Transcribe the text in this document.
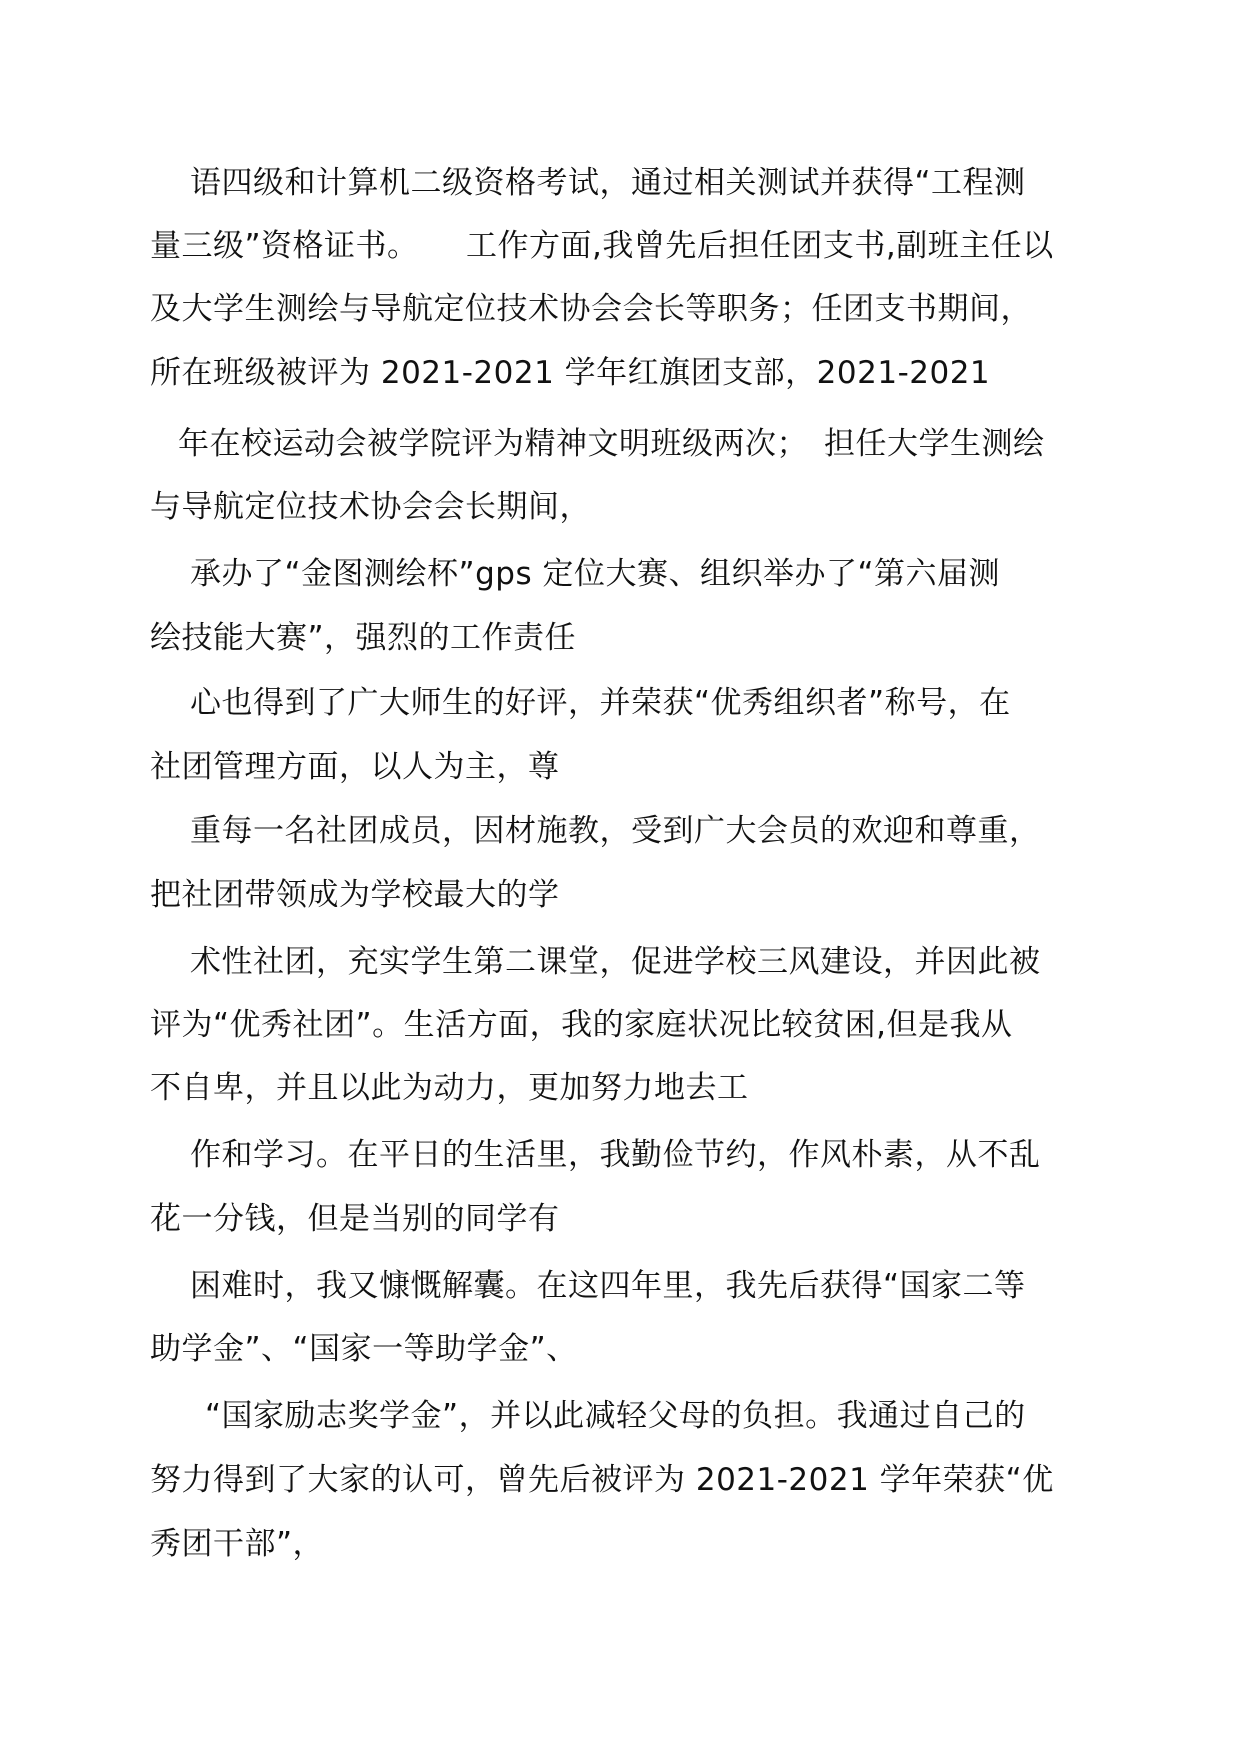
语四级和计算机二级资格考试，通过相关测试并获得“工程测
量三级”资格证书。　　工作方面,我曾先后担任团支书,副班主任以
及大学生测绘与导航定位技术协会会长等职务；任团支书期间，
所在班级被评为 2021-2021 学年红旗团支部，2021-2021
年在校运动会被学院评为精神文明班级两次；　担任大学生测绘
与导航定位技术协会会长期间，
承办了“金图测绘杯”gps 定位大赛、组织举办了“第六届测
绘技能大赛”，强烈的工作责任
心也得到了广大师生的好评，并荣获“优秀组织者”称号，在
社团管理方面，以人为主，尊
重每一名社团成员，因材施教，受到广大会员的欢迎和尊重，
把社团带领成为学校最大的学
术性社团，充实学生第二课堂，促进学校三风建设，并因此被
评为“优秀社团”。生活方面，我的家庭状况比较贫困,但是我从
不自卑，并且以此为动力，更加努力地去工
作和学习。在平日的生活里，我勤俭节约，作风朴素，从不乱
花一分钱，但是当别的同学有
困难时，我又慷慨解囊。在这四年里，我先后获得“国家二等
助学金”、“国家一等助学金”、
“国家励志奖学金”，并以此减轻父母的负担。我通过自己的
努力得到了大家的认可，曾先后被评为 2021-2021 学年荣获“优
秀团干部”，
